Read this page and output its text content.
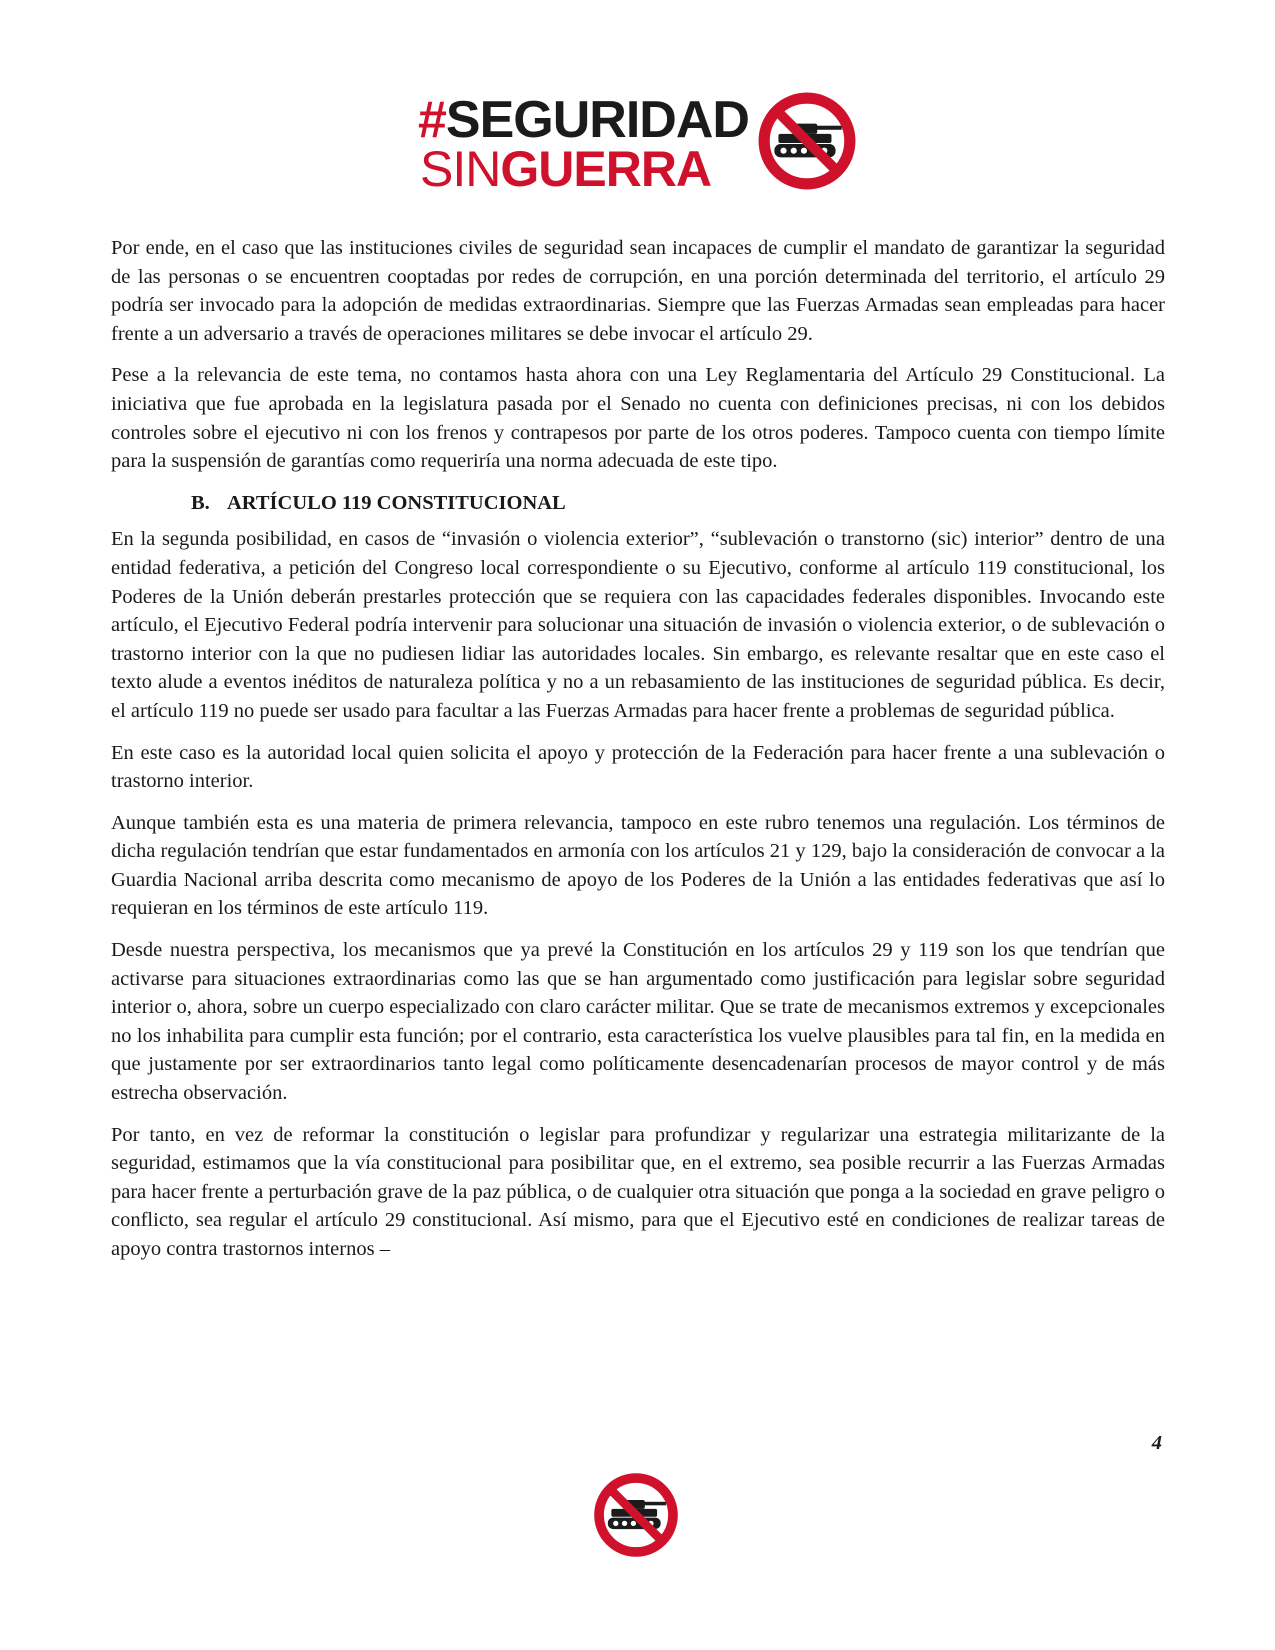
#SEGURIDAD
SINGUERRA

Por ende, en el caso que las instituciones civiles de seguridad sean incapaces de cumplir el mandato de garantizar la seguridad de las personas o se encuentren cooptadas por redes de corrupción, en una porción determinada del territorio, el artículo 29 podría ser invocado para la adopción de medidas extraordinarias. Siempre que las Fuerzas Armadas sean empleadas para hacer frente a un adversario a través de operaciones militares se debe invocar el artículo 29.

Pese a la relevancia de este tema, no contamos hasta ahora con una Ley Reglamentaria del Artículo 29 Constitucional. La iniciativa que fue aprobada en la legislatura pasada por el Senado no cuenta con definiciones precisas, ni con los debidos controles sobre el ejecutivo ni con los frenos y contrapesos por parte de los otros poderes. Tampoco cuenta con tiempo límite para la suspensión de garantías como requeriría una norma adecuada de este tipo.

B. ARTÍCULO 119 CONSTITUCIONAL

En la segunda posibilidad, en casos de “invasión o violencia exterior”, “sublevación o transtorno (sic) interior” dentro de una entidad federativa, a petición del Congreso local correspondiente o su Ejecutivo, conforme al artículo 119 constitucional, los Poderes de la Unión deberán prestarles protección que se requiera con las capacidades federales disponibles. Invocando este artículo, el Ejecutivo Federal podría intervenir para solucionar una situación de invasión o violencia exterior, o de sublevación o trastorno interior con la que no pudiesen lidiar las autoridades locales. Sin embargo, es relevante resaltar que en este caso el texto alude a eventos inéditos de naturaleza política y no a un rebasamiento de las instituciones de seguridad pública. Es decir, el artículo 119 no puede ser usado para facultar a las Fuerzas Armadas para hacer frente a problemas de seguridad pública.

En este caso es la autoridad local quien solicita el apoyo y protección de la Federación para hacer frente a una sublevación o trastorno interior.

Aunque también esta es una materia de primera relevancia, tampoco en este rubro tenemos una regulación. Los términos de dicha regulación tendrían que estar fundamentados en armonía con los artículos 21 y 129, bajo la consideración de convocar a la Guardia Nacional arriba descrita como mecanismo de apoyo de los Poderes de la Unión a las entidades federativas que así lo requieran en los términos de este artículo 119.

Desde nuestra perspectiva, los mecanismos que ya prevé la Constitución en los artículos 29 y 119 son los que tendrían que activarse para situaciones extraordinarias como las que se han argumentado como justificación para legislar sobre seguridad interior o, ahora, sobre un cuerpo especializado con claro carácter militar. Que se trate de mecanismos extremos y excepcionales no los inhabilita para cumplir esta función; por el contrario, esta característica los vuelve plausibles para tal fin, en la medida en que justamente por ser extraordinarios tanto legal como políticamente desencadenarían procesos de mayor control y de más estrecha observación.

Por tanto, en vez de reformar la constitución o legislar para profundizar y regularizar una estrategia militarizante de la seguridad, estimamos que la vía constitucional para posibilitar que, en el extremo, sea posible recurrir a las Fuerzas Armadas para hacer frente a perturbación grave de la paz pública, o de cualquier otra situación que ponga a la sociedad en grave peligro o conflicto, sea regular el artículo 29 constitucional. Así mismo, para que el Ejecutivo esté en condiciones de realizar tareas de apoyo contra trastornos internos –

4
